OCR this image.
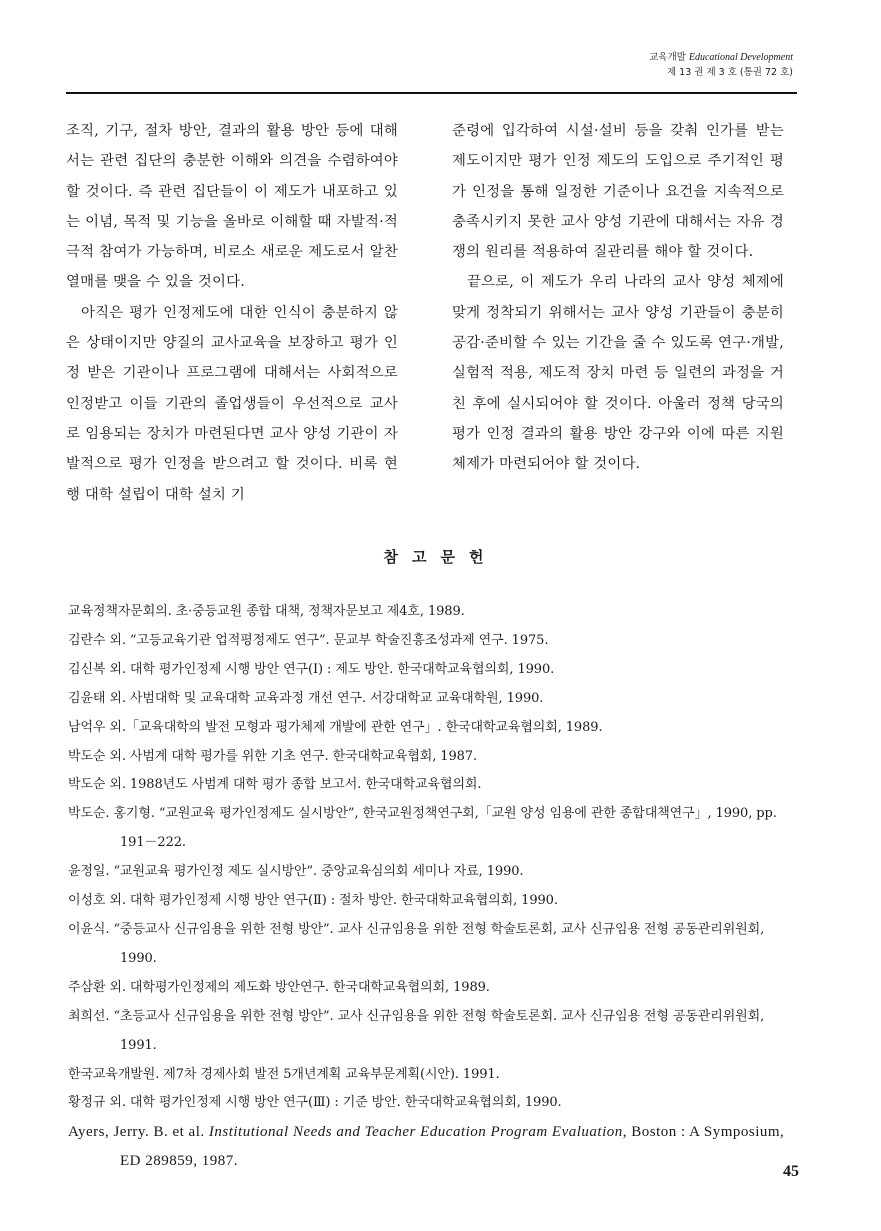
교육개발 Educational Development
제 13 권 제 3 호 (통권 72 호)

조직, 기구, 절차 방안, 결과의 활용 방안 등에 대해서는 관련 집단의 충분한 이해와 의견을 수렴하여야 할 것이다. 즉 관련 집단들이 이 제도가 내포하고 있는 이념, 목적 및 기능을 올바로 이해할 때 자발적·적극적 참여가 가능하며, 비로소 새로운 제도로서 알찬 열매를 맺을 수 있을 것이다.

아직은 평가 인정제도에 대한 인식이 충분하지 않은 상태이지만 양질의 교사교육을 보장하고 평가 인정 받은 기관이나 프로그램에 대해서는 사회적으로 인정받고 이들 기관의 졸업생들이 우선적으로 교사로 임용되는 장치가 마련된다면 교사 양성 기관이 자발적으로 평가 인정을 받으려고 할 것이다. 비록 현행 대학 설립이 대학 설치 기

준령에 입각하여 시설·설비 등을 갖춰 인가를 받는 제도이지만 평가 인정 제도의 도입으로 주기적인 평가 인정을 통해 일정한 기준이나 요건을 지속적으로 충족시키지 못한 교사 양성 기관에 대해서는 자유 경쟁의 원리를 적용하여 질관리를 해야 할 것이다.

끝으로, 이 제도가 우리 나라의 교사 양성 체제에 맞게 정착되기 위해서는 교사 양성 기관들이 충분히 공감·준비할 수 있는 기간을 줄 수 있도록 연구·개발, 실험적 적용, 제도적 장치 마련 등 일련의 과정을 거친 후에 실시되어야 할 것이다. 아울러 정책 당국의 평가 인정 결과의 활용 방안 강구와 이에 따른 지원 체제가 마련되어야 할 것이다.

참고문헌

교육정책자문회의. 초·중등교원 종합 대책, 정책자문보고 제4호, 1989.

김란수 외. “고등교육기관 업적평정제도 연구”. 문교부 학술진흥조성과제 연구. 1975.

김신복 외. 대학 평가인정제 시행 방안 연구(Ⅰ) : 제도 방안. 한국대학교육협의회, 1990.

김윤태 외. 사범대학 및 교육대학 교육과정 개선 연구. 서강대학교 교육대학원, 1990.

남억우 외.「교육대학의 발전 모형과 평가체제 개발에 관한 연구」. 한국대학교육협의회, 1989.

박도순 외. 사범계 대학 평가를 위한 기초 연구. 한국대학교육협회, 1987.

박도순 외. 1988년도 사범계 대학 평가 종합 보고서. 한국대학교육협의회.

박도순. 홍기형. “교원교육 평가인정제도 실시방안”, 한국교원정책연구회,「교원 양성 임용에 관한 종합대책연구」, 1990, pp. 191－222.

윤정일. “교원교육 평가인정 제도 실시방안”. 중앙교육심의회 세미나 자료, 1990.

이성호 외. 대학 평가인정제 시행 방안 연구(Ⅱ) : 절차 방안. 한국대학교육협의회, 1990.

이윤식. “중등교사 신규임용을 위한 전형 방안”. 교사 신규임용을 위한 전형 학술토론회, 교사 신규임용 전형 공동관리위원회, 1990.

주삼환 외. 대학평가인정제의 제도화 방안연구. 한국대학교육협의회, 1989.

최희선. “초등교사 신규임용을 위한 전형 방안”. 교사 신규임용을 위한 전형 학술토론회. 교사 신규임용 전형 공동관리위원회, 1991.

한국교육개발원. 제7차 경제사회 발전 5개년계획 교육부문계획(시안). 1991.

황정규 외. 대학 평가인정제 시행 방안 연구(Ⅲ) : 기준 방안. 한국대학교육협의회, 1990.

Ayers, Jerry. B. et al. Institutional Needs and Teacher Education Program Evaluation, Boston : A Symposium, ED 289859, 1987.

45
